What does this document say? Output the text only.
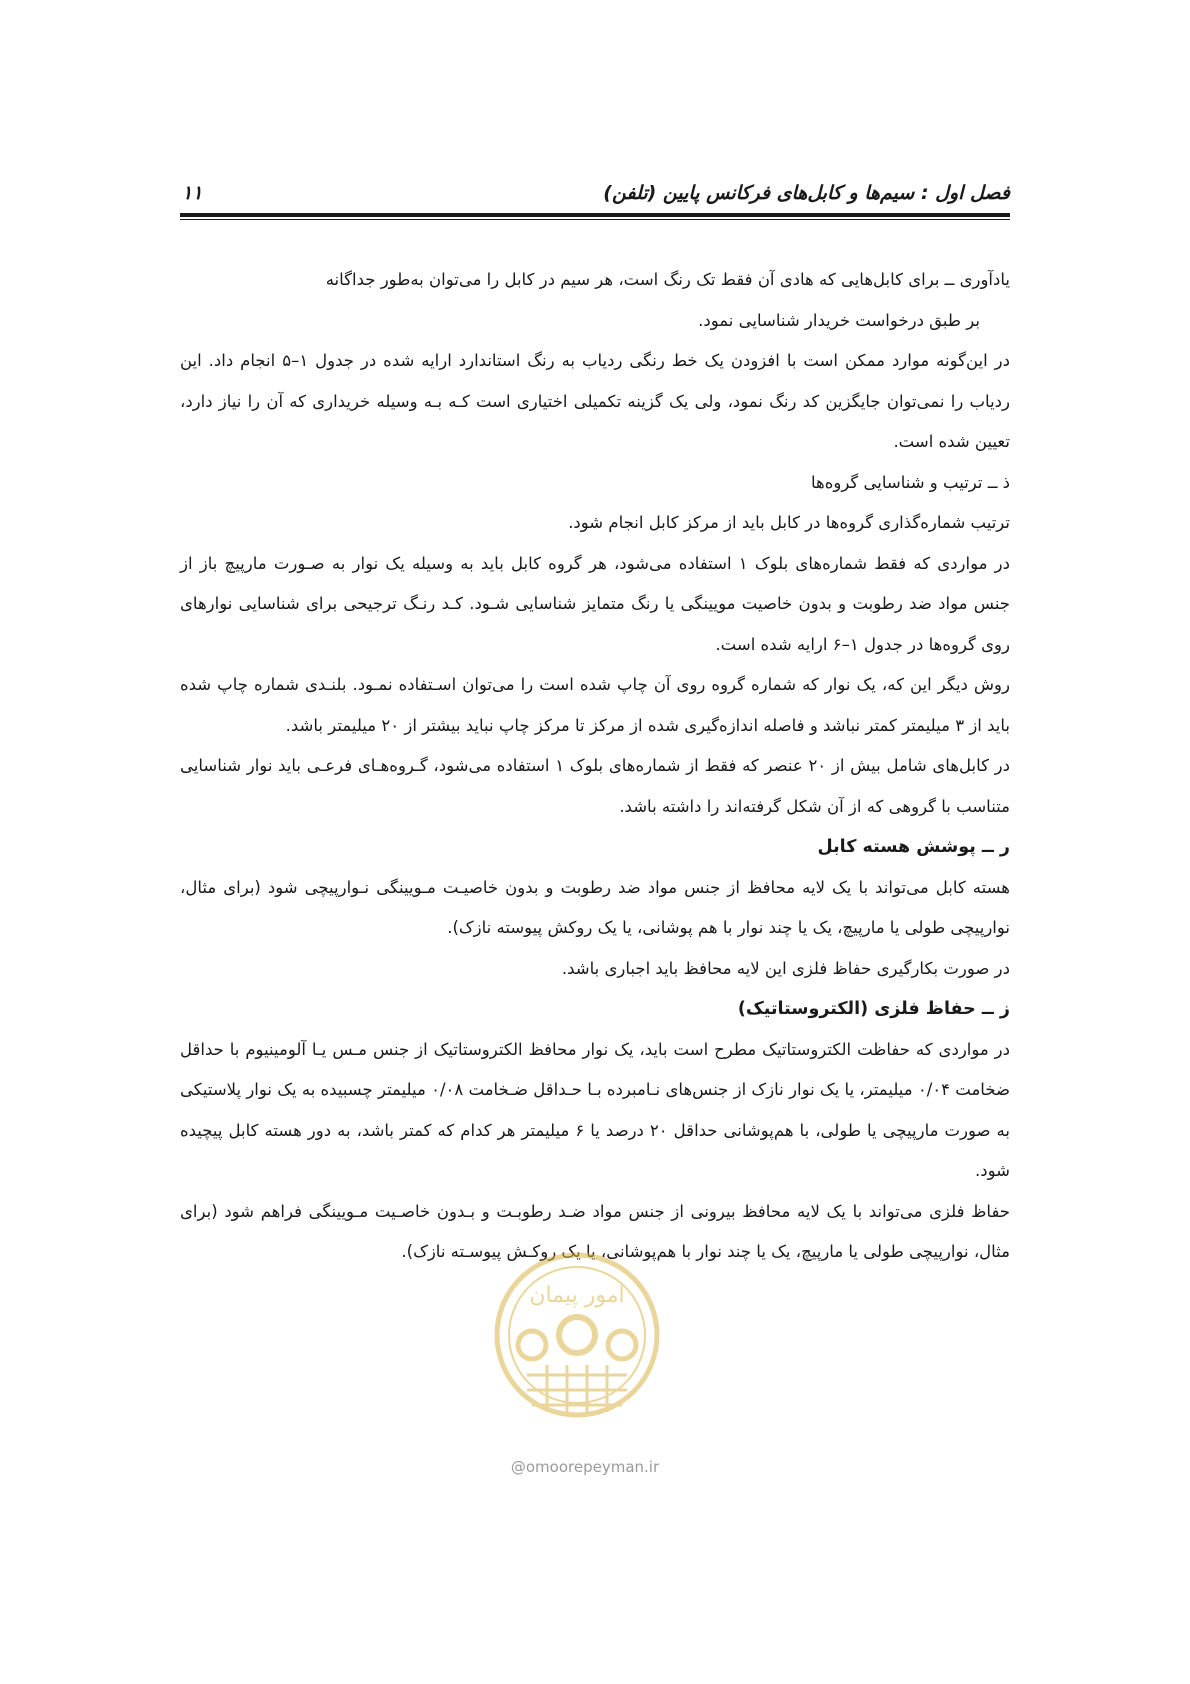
فصل اول : سیم‌ها و کابل‌های فرکانس پایین (تلفن)
۱۱

یادآوری ــ برای کابل‌هایی که هادی آن فقط تک رنگ است، هر سیم در کابل را می‌توان به‌طور جداگانه

بر طبق درخواست خریدار شناسایی نمود.

در این‌گونه موارد ممکن است با افزودن یک خط رنگی ردیاب به رنگ استاندارد ارایه شده در جدول ۱–۵ انجام داد. این ردیاب را نمی‌توان جایگزین کد رنگ نمود، ولی یک گزینه تکمیلی اختیاری است کـه بـه وسیله خریداری که آن را نیاز دارد، تعیین شده است.

ذ ــ ترتیب و شناسایی گروه‌ها

ترتیب شماره‌گذاری گروه‌ها در کابل باید از مرکز کابل انجام شود.

در مواردی که فقط شماره‌های بلوک ۱ استفاده می‌شود، هر گروه کابل باید به وسیله یک نوار به صـورت مارپیچ باز از جنس مواد ضد رطوبت و بدون خاصیت مویینگی یا رنگ متمایز شناسایی شـود. کـد رنـگ ترجیحی برای شناسایی نوارهای روی گروه‌ها در جدول ۱–۶ ارایه شده است.

روش دیگر این که، یک نوار که شماره گروه روی آن چاپ شده است را می‌توان اسـتفاده نمـود. بلنـدی شماره چاپ شده باید از ۳ میلیمتر کمتر نباشد و فاصله اندازه‌گیری شده از مرکز تا مرکز چاپ نباید بیشتر از ۲۰ میلیمتر باشد.

در کابل‌های شامل بیش از ۲۰ عنصر که فقط از شماره‌های بلوک ۱ استفاده می‌شود، گـروه‌هـای فرعـی باید نوار شناسایی متناسب با گروهی که از آن شکل گرفته‌اند را داشته باشد.

ر ــ پوشش هسته کابل

هسته کابل می‌تواند با یک لایه محافظ از جنس مواد ضد رطوبت و بدون خاصیـت مـویینگی نـوارپیچی شود (برای مثال، نوارپیچی طولی یا مارپیچ، یک یا چند نوار با هم پوشانی، یا یک روکش پیوسته نازک).

در صورت بکارگیری حفاظ فلزی این لایه محافظ باید اجباری باشد.

ز ــ حفاظ فلزی (الکتروستاتیک)

در مواردی که حفاظت الکتروستاتیک مطرح است باید، یک نوار محافظ الکتروستاتیک از جنس مـس یـا آلومینیوم با حداقل ضخامت ۰/۰۴ میلیمتر، یا یک نوار نازک از جنس‌های نـامبرده بـا حـداقل ضـخامت ۰/۰۸ میلیمتر چسبیده به یک نوار پلاستیکی به صورت مارپیچی یا طولی، با هم‌پوشانی حداقل ۲۰ درصد یا ۶ میلیمتر هر کدام که کمتر باشد، به دور هسته کابل پیچیده شود.

حفاظ فلزی می‌تواند با یک لایه محافظ بیرونی از جنس مواد ضـد رطوبـت و بـدون خاصـیت مـویینگی فراهم شود (برای مثال، نوارپیچی طولی یا مارپیچ، یک یا چند نوار با هم‌پوشانی، یا یک روکـش پیوسـته نازک).

امور پیمان
@omoorepeyman.ir
